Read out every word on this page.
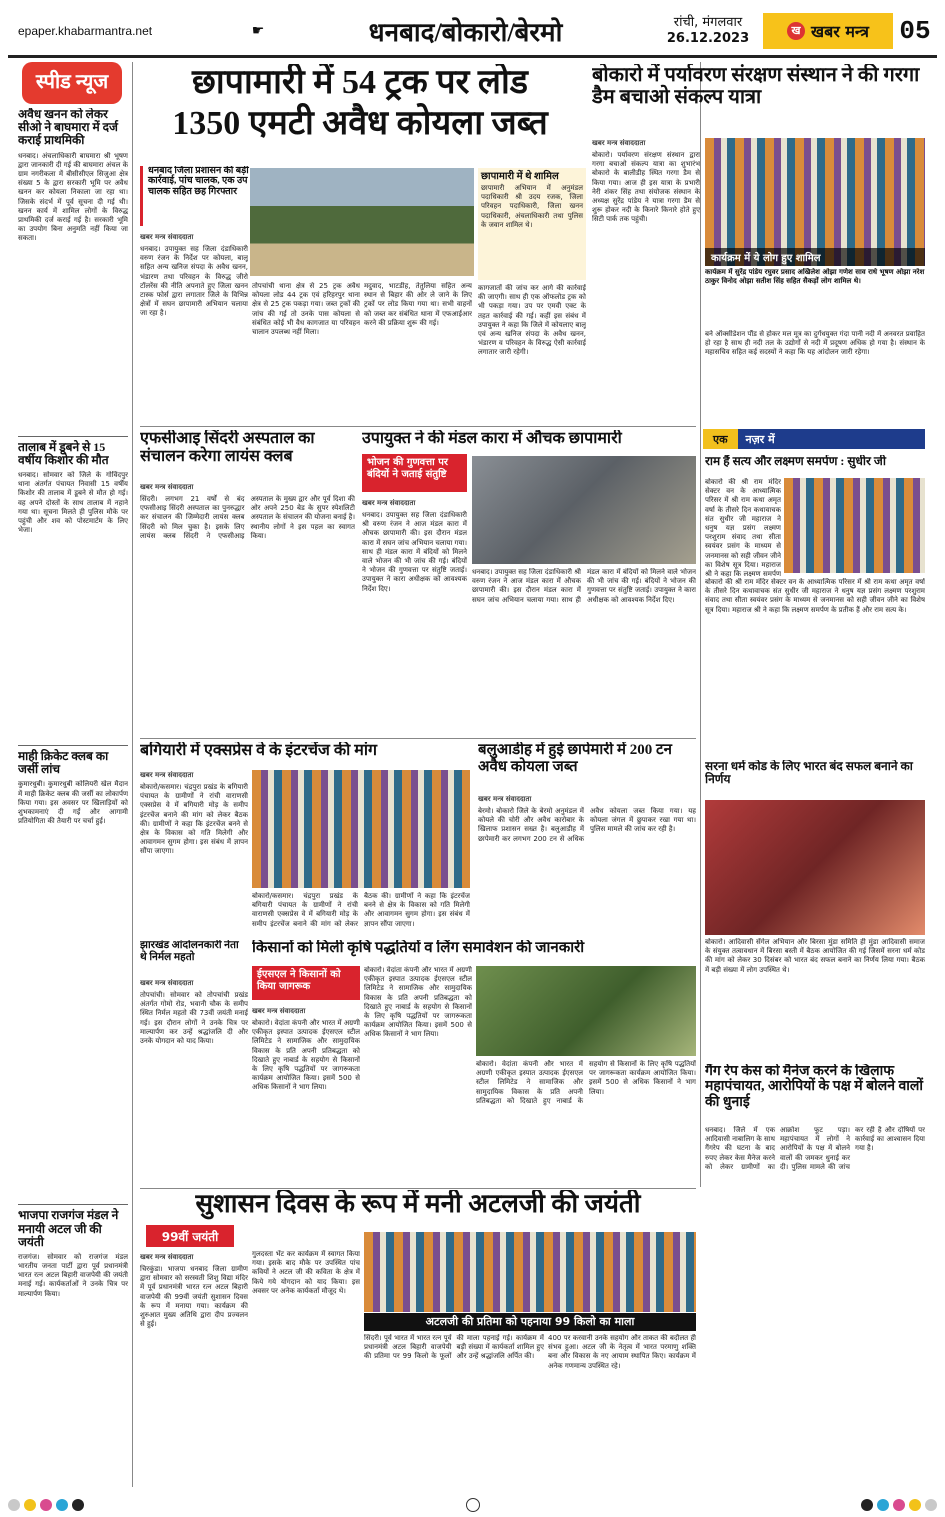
epaper.khabarmantra.net	☛	धनबाद/बोकारो/बेरमो	रांची, मंगलवार
26.12.2023	ख खबर मन्त्र 05
स्पीड न्यूज
अवैध खनन को लेकर सीओ ने बाघमारा में दर्ज कराई प्राथमिकी
धनबाद। अंचलाधिकारी बाघमारा श्री भूषण द्वारा जानकारी दी गई की बाघमारा अंचल के ग्राम नगरीकला में बीसीसीएल सिजुआ क्षेत्र संख्या 5 के द्वारा सरकारी भूमि पर अवैध खनन कर कोयला निकाला जा रहा था। जिसके संदर्भ में पूर्व सूचना दी गई थी। खनन कार्य में शामिल लोगों के विरुद्ध प्राथमिकी दर्ज कराई गई है। सरकारी भूमि का उपयोग बिना अनुमति नहीं किया जा सकता।
तालाब में डूबने से 15 वर्षीय किशोर की मौत
धनबाद। सोमवार को जिले के गोविंदपुर थाना अंतर्गत पंचायत निवासी 15 वर्षीय किशोर की तालाब में डूबने से मौत हो गई। वह अपने दोस्तों के साथ तालाब में नहाने गया था। सूचना मिलते ही पुलिस मौके पर पहुंची और शव को पोस्टमार्टम के लिए भेजा।
माही क्रिकेट क्लब का जर्सी लांच
कुमारधुबी। कुमारधुबी कोलियरी खेल मैदान में माही क्रिकेट क्लब की जर्सी का लोकार्पण किया गया। इस अवसर पर खिलाड़ियों को शुभकामनाएं दी गईं और आगामी प्रतियोगिता की तैयारी पर चर्चा हुई।
भाजपा राजगंज मंडल ने मनायी अटल जी की जयंती
राजगंज। सोमवार को राजगंज मंडल भारतीय जनता पार्टी द्वारा पूर्व प्रधानमंत्री भारत रत्न अटल बिहारी वाजपेयी की जयंती मनाई गई। कार्यकर्ताओं ने उनके चित्र पर माल्यार्पण किया।
छापामारी में 54 ट्रक पर लोड
1350 एमटी अवैध कोयला जब्त
धनबाद जिला प्रशासन की बड़ी कार्रवाई, पांच चालक, एक उप चालक सहित छह गिरफ्तार
छापामारी में थे शामिल
छापामारी अभियान में अनुमंडल पदाधिकारी श्री उदय रजक, जिला परिवहन पदाधिकारी, जिला खनन पदाधिकारी, अंचलाधिकारी तथा पुलिस के जवान शामिल थे।
खबर मन्त्र संवाददाता
धनबाद। उपायुक्त सह जिला दंडाधिकारी वरुण रंजन के निर्देश पर कोयला, बालू सहित अन्य खनिज संपदा के अवैध खनन, भंडारण तथा परिवहन के विरुद्ध जीरो टॉलरेंस की नीति अपनाते हुए जिला खनन टास्क फोर्स द्वारा लगातार जिले के विभिन्न क्षेत्रों में सघन छापामारी अभियान चलाया जा रहा है।
तोपचांची थाना क्षेत्र से 25 ट्रक अवैध कोयला लोड 44 ट्रक एवं हरिहरपुर थाना क्षेत्र से 25 ट्रक पकड़ा गया। जब्त ट्रकों की जांच की गई तो उनके पास कोयला से संबंधित कोई भी वैध कागजात या परिवहन चालान उपलब्ध नहीं मिला।
मदुवाद, भाटडीह, तेतुलिया सहित अन्य स्थान से बिहार की ओर ले जाने के लिए ट्रकों पर लोड किया गया था। सभी वाहनों को जब्त कर संबंधित थाना में एफआईआर करने की प्रक्रिया शुरू की गई।
कागजातों की जांच कर आगे की कार्रवाई की जाएगी। साथ ही एक ऑफलोड ट्रक को भी पकड़ा गया। उप पर एमवी एक्ट के तहत कार्रवाई की गई। कहीं इस संबंध में उपायुक्त ने कहा कि जिले में कोयलाए बालू एवं अन्य खनिज संपदा के अवैध खनन, भंडारण व परिवहन के विरुद्ध ऐसी कार्रवाई लगातार जारी रहेगी।
बोकारो में पर्यावरण संरक्षण संस्थान ने की गरगा डैम बचाओ संकल्प यात्रा
खबर मन्त्र संवाददाता
बोकारो। पर्यावरण संरक्षण संस्थान द्वारा गरगा बचाओ संकल्प यात्रा का शुभारंभ बोकारो के बालीडीह स्थित गरगा डैम से किया गया। आज ही इस यात्रा के प्रभारी नेरी शंकर सिंह तथा संयोजक संस्थान के अध्यक्ष सुरेंद्र पांडेय ने यात्रा गरगा डैम से शुरू होकर नदी के किनारे किनारे होते हुए सिटी पार्क तक पहुंची।
कार्यक्रम में ये लोग हुए शामिल
कार्यक्रम में सुरेंद्र पांडेय रघुवर प्रसाद अखिलेश ओझा गणेश साव राधे भूषण ओझा नरेश ठाकुर विनोद ओझा सतीश सिंह सहित सैकड़ों लोग शामिल थे।
बने ऑक्सीडेशन पौंड से होकर मल मूत्र का दुर्गंधयुक्त गंदा पानी नदी में अनवरत प्रवाहित हो रहा है साथ ही नदी तल के उद्योगों से नदी में प्रदूषण अधिक हो गया है। संस्थान के महासचिव सहित कई सदस्यों ने कहा कि यह आंदोलन जारी रहेगा।
एक	नज़र में
राम हैं सत्य और लक्ष्मण समर्पण : सुधीर जी
बोकारो की श्री राम मंदिर सेक्टर वन के आध्यात्मिक परिसर में श्री राम कथा अमृत वर्षा के तीसरे दिन कथावाचक संत सुधीर जी महाराज ने धनुष यज्ञ प्रसंग लक्ष्मण परशुराम संवाद तथा सीता स्वयंवर प्रसंग के माध्यम से जनमानस को सही जीवन जीने का विशेष सूत्र दिया। महाराज श्री ने कहा कि लक्ष्मण समर्पण
सरना धर्म कोड के लिए भारत बंद सफल बनाने का निर्णय
बोकारो। आदिवासी सेंगेल अभियान और बिरसा मुंडा समिति ही मुंडा आदिवासी समाज के संयुक्त तत्वावधान में बिरसा बस्ती में बैठक आयोजित की गई जिसमें सरना धर्म कोड की मांग को लेकर 30 दिसंबर को भारत बंद सफल बनाने का निर्णय लिया गया। बैठक में बड़ी संख्या में लोग उपस्थित थे।
बोकारो की श्री राम मंदिर सेक्टर वन के आध्यात्मिक परिसर में श्री राम कथा अमृत वर्षा के तीसरे दिन कथावाचक संत सुधीर जी महाराज ने धनुष यज्ञ प्रसंग लक्ष्मण परशुराम संवाद तथा सीता स्वयंवर प्रसंग के माध्यम से जनमानस को सही जीवन जीने का विशेष सूत्र दिया। महाराज श्री ने कहा कि लक्ष्मण समर्पण के प्रतीक हैं और राम सत्य के।
एफसीआइ सिंदरी अस्पताल का संचालन करेगा लायंस क्लब
खबर मन्त्र संवाददाता
सिंदरी। लगभग 21 वर्षों से बंद एफसीआइ सिंदरी अस्पताल का पुनरुद्धार कर संचालन की जिम्मेदारी लायंस क्लब सिंदरी को मिल चुका है। इसके लिए लायंस क्लब सिंदरी ने एफसीआइ अस्पताल के मुख्य द्वार और पूर्व दिशा की ओर अपने 250 बेड के सुपर स्पेशलिटी अस्पताल के संचालन की योजना बनाई है। स्थानीय लोगों ने इस पहल का स्वागत किया।
उपायुक्त ने की मंडल कारा में औचक छापामारी
भोजन की गुणवत्ता पर बंदियों ने जताई संतुष्टि
खबर मन्त्र संवाददाता
धनबाद। उपायुक्त सह जिला दंडाधिकारी श्री वरुण रंजन ने आज मंडल कारा में औचक छापामारी की। इस दौरान मंडल कारा में सघन जांच अभियान चलाया गया। साथ ही मंडल कारा में बंदियों को मिलने वाले भोजन की भी जांच की गई। बंदियों ने भोजन की गुणवत्ता पर संतुष्टि जताई। उपायुक्त ने कारा अधीक्षक को आवश्यक निर्देश दिए।
धनबाद। उपायुक्त सह जिला दंडाधिकारी श्री वरुण रंजन ने आज मंडल कारा में औचक छापामारी की। इस दौरान मंडल कारा में सघन जांच अभियान चलाया गया। साथ ही मंडल कारा में बंदियों को मिलने वाले भोजन की भी जांच की गई। बंदियों ने भोजन की गुणवत्ता पर संतुष्टि जताई। उपायुक्त ने कारा अधीक्षक को आवश्यक निर्देश दिए।
बगियारी में एक्सप्रेस वे के इंटरचेंज की मांग
खबर मन्त्र संवाददाता
बोकारो/कसमार। चंद्रपुरा प्रखंड के बगियारी पंचायत के ग्रामीणों ने रांची वाराणसी एक्सप्रेस वे में बगियारी मोड़ के समीप इंटरचेंज बनाने की मांग को लेकर बैठक की। ग्रामीणों ने कहा कि इंटरचेंज बनने से क्षेत्र के विकास को गति मिलेगी और आवागमन सुगम होगा। इस संबंध में ज्ञापन सौंपा जाएगा।
बोकारो/कसमार। चंद्रपुरा प्रखंड के बगियारी पंचायत के ग्रामीणों ने रांची वाराणसी एक्सप्रेस वे में बगियारी मोड़ के समीप इंटरचेंज बनाने की मांग को लेकर बैठक की। ग्रामीणों ने कहा कि इंटरचेंज बनने से क्षेत्र के विकास को गति मिलेगी और आवागमन सुगम होगा। इस संबंध में ज्ञापन सौंपा जाएगा।
बलुआडीह में हुई छापेमारी में 200 टन अवैध कोयला जब्त
खबर मन्त्र संवाददाता
बेरमो। बोकारो जिले के बेरमो अनुमंडल में कोयले की चोरी और अवैध कारोबार के खिलाफ प्रशासन सख्त है। बलुआडीह में छापेमारी कर लगभग 200 टन से अधिक अवैध कोयला जब्त किया गया। यह कोयला जंगल में छुपाकर रखा गया था। पुलिस मामले की जांच कर रही है।
झारखंड आंदोलनकारी नेता थे निर्मल महतो
खबर मन्त्र संवाददाता
तोपचांची। सोमवार को तोपचांची प्रखंड अंतर्गत गोमो रोड, भवानी चौक के समीप स्थित निर्मल महतो की 73वीं जयंती मनाई गई। इस दौरान लोगों ने उनके चित्र पर माल्यार्पण कर उन्हें श्रद्धांजलि दी और उनके योगदान को याद किया।
किसानों को मिली कृषि पद्धतियों व लिंग समावेशन की जानकारी
ईएसएल ने किसानों को किया जागरूक
खबर मन्त्र संवाददाता
बोकारो। वेदांता कंपनी और भारत में अग्रणी एकीकृत इस्पात उत्पादक ईएसएल स्टील लिमिटेड ने सामाजिक और सामुदायिक विकास के प्रति अपनी प्रतिबद्धता को दिखाते हुए नाबार्ड के सहयोग से किसानों के लिए कृषि पद्धतियों पर जागरूकता कार्यक्रम आयोजित किया। इसमें 500 से अधिक किसानों ने भाग लिया।
बोकारो। वेदांता कंपनी और भारत में अग्रणी एकीकृत इस्पात उत्पादक ईएसएल स्टील लिमिटेड ने सामाजिक और सामुदायिक विकास के प्रति अपनी प्रतिबद्धता को दिखाते हुए नाबार्ड के सहयोग से किसानों के लिए कृषि पद्धतियों पर जागरूकता कार्यक्रम आयोजित किया। इसमें 500 से अधिक किसानों ने भाग लिया।
बोकारो। वेदांता कंपनी और भारत में अग्रणी एकीकृत इस्पात उत्पादक ईएसएल स्टील लिमिटेड ने सामाजिक और सामुदायिक विकास के प्रति अपनी प्रतिबद्धता को दिखाते हुए नाबार्ड के सहयोग से किसानों के लिए कृषि पद्धतियों पर जागरूकता कार्यक्रम आयोजित किया। इसमें 500 से अधिक किसानों ने भाग लिया।
गैंग रेप केस को मैनेज करने के खिलाफ महापंचायत, आरोपियों के पक्ष में बोलने वालों की धुनाई
धनबाद। जिले में एक आदिवासी नाबालिग के साथ गैंगरेप की घटना के बाद रुपए लेकर केस मैनेज करने को लेकर ग्रामीणों का आक्रोश फूट पड़ा। महापंचायत में लोगों ने आरोपियों के पक्ष में बोलने वालों की जमकर धुनाई कर दी। पुलिस मामले की जांच कर रही है और दोषियों पर कार्रवाई का आश्वासन दिया गया है।
सुशासन दिवस के रूप में मनी अटलजी की जयंती
99वीं जयंती
खबर मन्त्र संवाददाता
चिरकुंडा। भाजपा धनबाद जिला ग्रामीण द्वारा सोमवार को सरस्वती शिशु विद्या मंदिर में पूर्व प्रधानमंत्री भारत रत्न अटल बिहारी वाजपेयी की 99वीं जयंती सुशासन दिवस के रूप में मनाया गया। कार्यक्रम की शुरुआत मुख्य अतिथि द्वारा दीप प्रज्वलन से हुई।
गुलदस्ता भेंट कर कार्यक्रम में स्वागत किया गया। इसके बाद मौके पर उपस्थित पांच कवियों ने अटल जी की कविता के क्षेत्र में किये गये योगदान को याद किया। इस अवसर पर अनेक कार्यकर्ता मौजूद थे।
अटलजी की प्रतिमा को पहनाया 99 किलो का माला
सिंदरी। पूर्व भारत में भारत रत्न पूर्व प्रधानमंत्री अटल बिहारी वाजपेयी की प्रतिमा पर 99 किलो के फूलों की माला पहनाई गई। कार्यक्रम में बड़ी संख्या में कार्यकर्ता शामिल हुए और उन्हें श्रद्धांजलि अर्पित की।
400 पर करवानी उनके सहयोग और ताकत की बदौलत ही संभव हुआ। अटल जी के नेतृत्व में भारत परमाणु शक्ति बना और विकास के नए आयाम स्थापित किए। कार्यक्रम में अनेक गणमान्य उपस्थित रहे।
